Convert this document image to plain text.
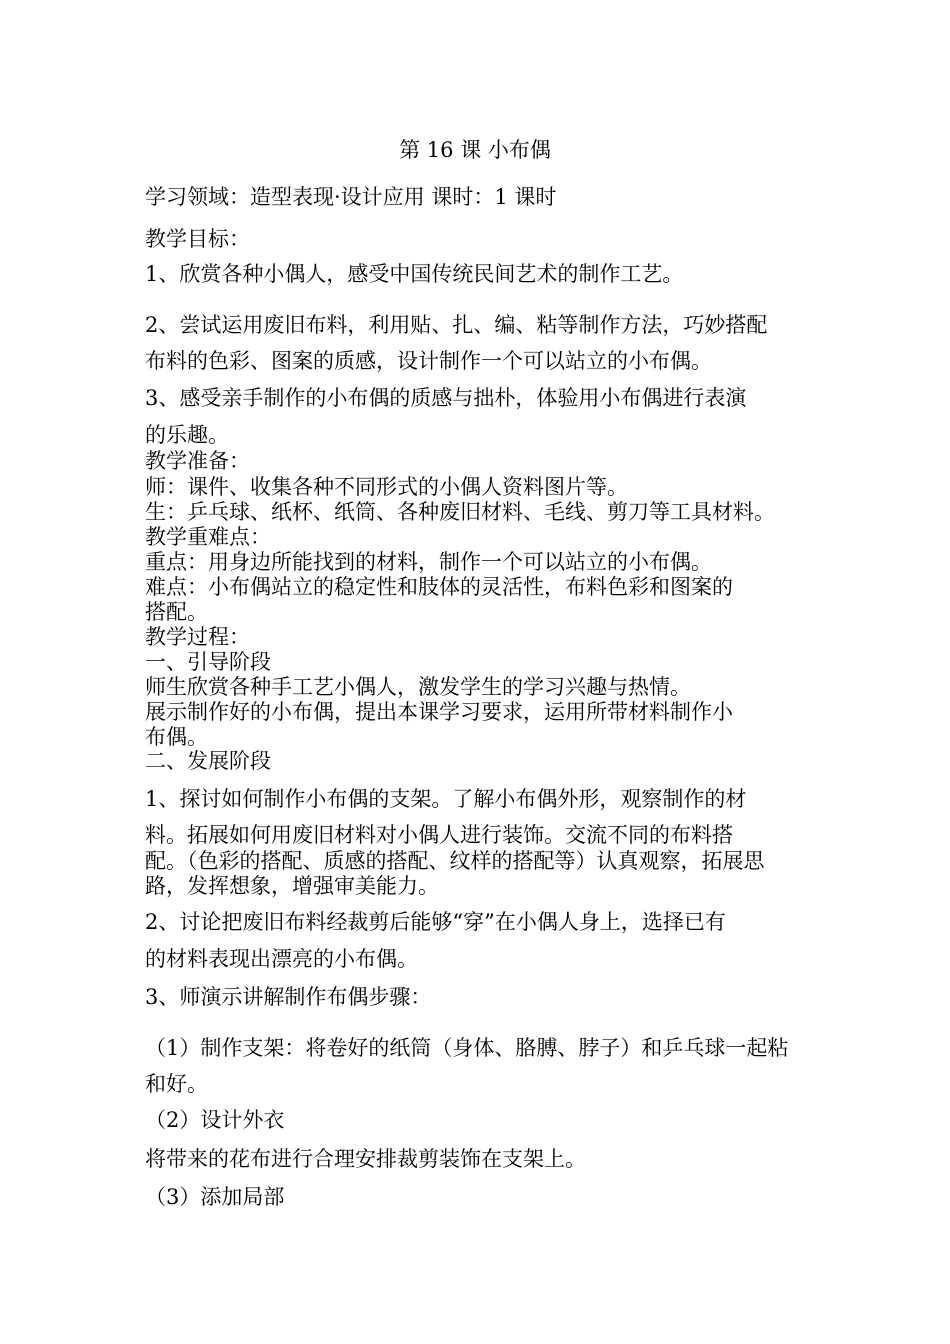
第 16 课 小布偶
学习领域：造型表现·设计应用 课时：1 课时
教学目标：
1、欣赏各种小偶人，感受中国传统民间艺术的制作工艺。
2、尝试运用废旧布料，利用贴、扎、编、粘等制作方法，巧妙搭配
布料的色彩、图案的质感，设计制作一个可以站立的小布偶。
3、感受亲手制作的小布偶的质感与拙朴，体验用小布偶进行表演
的乐趣。
教学准备：
师：课件、收集各种不同形式的小偶人资料图片等。
生：乒乓球、纸杯、纸筒、各种废旧材料、毛线、剪刀等工具材料。
教学重难点：
重点：用身边所能找到的材料，制作一个可以站立的小布偶。
难点：小布偶站立的稳定性和肢体的灵活性，布料色彩和图案的
搭配。
教学过程：
一、引导阶段
师生欣赏各种手工艺小偶人，激发学生的学习兴趣与热情。
展示制作好的小布偶，提出本课学习要求，运用所带材料制作小
布偶。
二、发展阶段
1、探讨如何制作小布偶的支架。了解小布偶外形，观察制作的材
料。拓展如何用废旧材料对小偶人进行装饰。交流不同的布料搭
配。（色彩的搭配、质感的搭配、纹样的搭配等）认真观察，拓展思
路，发挥想象，增强审美能力。
2、讨论把废旧布料经裁剪后能够“穿”在小偶人身上，选择已有
的材料表现出漂亮的小布偶。
3、师演示讲解制作布偶步骤：
（1）制作支架：将卷好的纸筒（身体、胳膊、脖子）和乒乓球一起粘
和好。
（2）设计外衣
将带来的花布进行合理安排裁剪装饰在支架上。
（3）添加局部
